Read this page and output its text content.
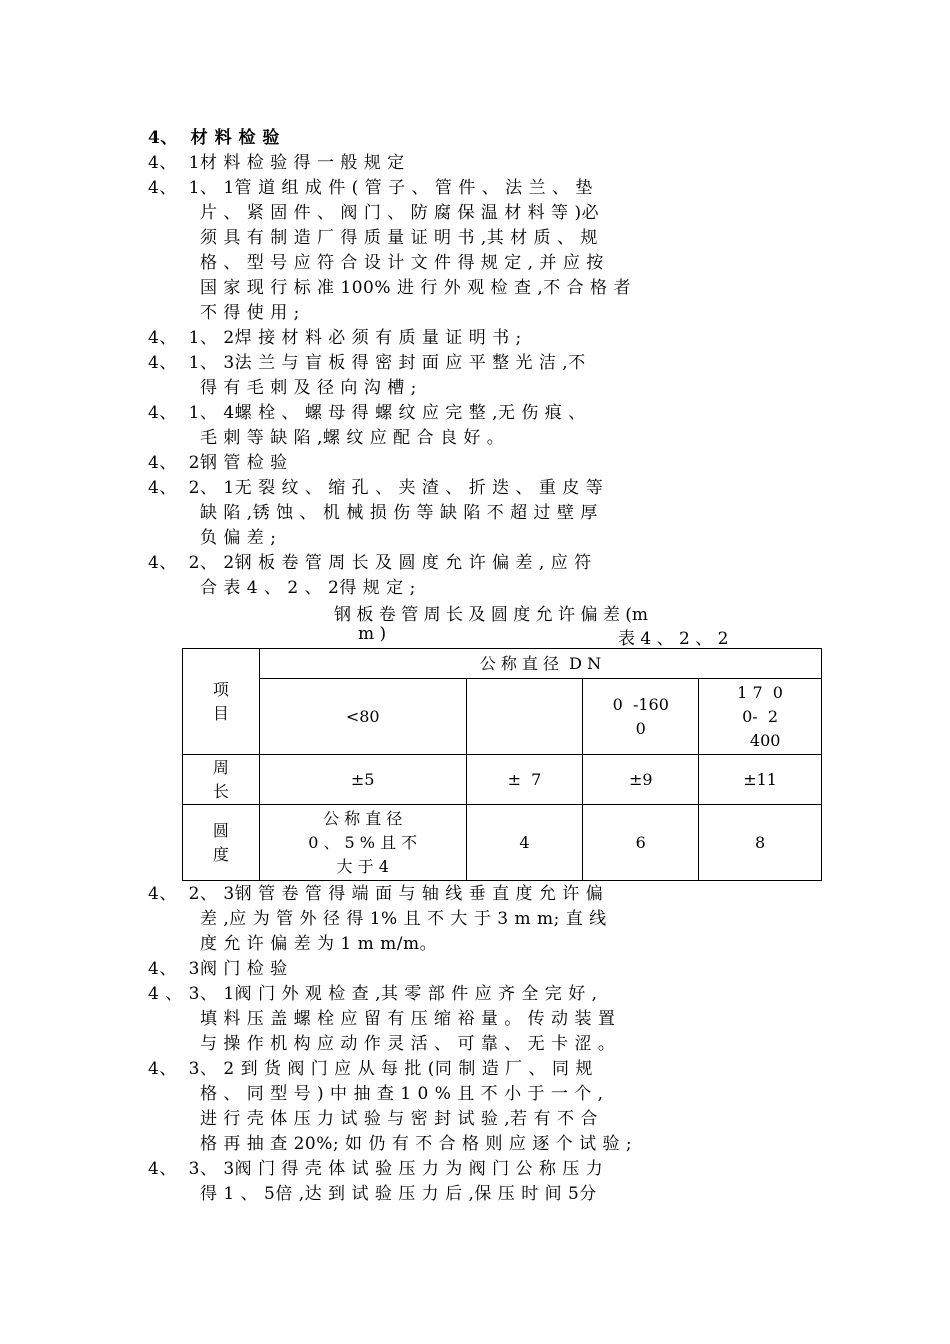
4、  材 料 检 验
4、  1材 料 检 验 得 一 般 规 定
4、  1、 1管 道 组 成 件 ( 管 子 、 管 件 、 法 兰 、 垫
片 、 紧 固 件 、 阀 门 、 防 腐 保 温 材 料 等 )必
须 具 有 制 造 厂 得 质 量 证 明 书 ,其 材 质 、 规
格 、 型 号 应 符 合 设 计 文 件 得 规 定 , 并 应 按
国 家 现 行 标 准 100% 进 行 外 观 检 查 ,不 合 格 者
不 得 使 用 ;
4、  1、 2焊 接 材 料 必 须 有 质 量 证 明 书 ;
4、  1、 3法 兰 与 盲 板 得 密 封 面 应 平 整 光 洁 ,不
得 有 毛 刺 及 径 向 沟 槽 ;
4、  1、 4螺 栓 、 螺 母 得 螺 纹 应 完 整 ,无 伤 痕 、
毛 刺 等 缺 陷 ,螺 纹 应 配 合 良 好 。
4、  2钢 管 检 验
4、  2、 1无 裂 纹 、 缩 孔 、 夹 渣 、 折 迭 、 重 皮 等
缺 陷 ,锈 蚀 、 机 械 损 伤 等 缺 陷 不 超 过 壁 厚
负 偏 差 ;
4、  2、 2钢 板 卷 管 周 长 及 圆 度 允 许 偏 差 , 应 符
合 表 4 、 2 、 2得 规 定 ;
钢 板 卷 管 周 长 及 圆 度 允 许 偏 差 (m
m )	表 4 、 2 、 2
项
目	公 称 直 径  D N			
	<80		0  -160
0	1 7  0
0-  2
400
周
长	±5	±  7	±9	±11
圆
度	公 称 直 径
0 、 5 % 且 不
大 于 4	4	6	8
4、  2、 3钢 管 卷 管 得 端 面 与 轴 线 垂 直 度 允 许 偏
差 ,应 为 管 外 径 得 1% 且 不 大 于 3 m m; 直 线
度 允 许 偏 差 为 1 m m/m。
4、  3阀 门 检 验
4 、 3、 1阀 门 外 观 检 查 ,其 零 部 件 应 齐 全 完 好 ,
填 料 压 盖 螺 栓 应 留 有 压 缩 裕 量 。 传 动 装 置
与 操 作 机 构 应 动 作 灵 活 、 可 靠 、 无 卡 涩 。
4、  3、 2 到 货 阀 门 应 从 每 批 (同 制 造 厂 、 同 规
格 、 同 型 号 ) 中 抽 查 1 0 % 且 不 小 于 一 个 ,
进 行 壳 体 压 力 试 验 与 密 封 试 验 ,若 有 不 合
格 再 抽 查 20%; 如 仍 有 不 合 格 则 应 逐 个 试 验 ;
4、  3、 3阀 门 得 壳 体 试 验 压 力 为 阀 门 公 称 压 力
得 1 、 5倍 ,达 到 试 验 压 力 后 ,保 压 时 间 5分
